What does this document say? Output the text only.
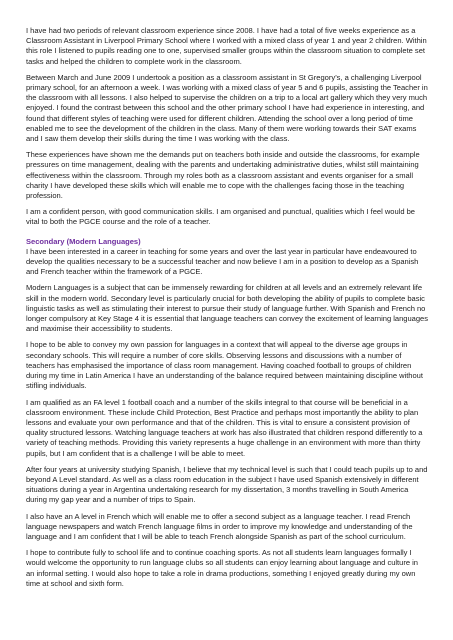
I have had two periods of relevant classroom experience since 2008. I have had a total of five weeks experience as a Classroom Assistant in Liverpool Primary School where I worked with a mixed class of year 1 and year 2 children. Within this role I listened to pupils reading one to one, supervised smaller groups within the classroom situation to complete set tasks and helped the children to complete work in the classroom.

Between March and June 2009 I undertook a position as a classroom assistant in St Gregory’s, a challenging Liverpool primary school, for an afternoon a week. I was working with a mixed class of year 5 and 6 pupils, assisting the Teacher in the classroom with all lessons. I also helped to supervise the children on a trip to a local art gallery which they very much enjoyed. I found the contrast between this school and the other primary school I have had experience in interesting, and found that different styles of teaching were used for different children. Attending the school over a long period of time enabled me to see the development of the children in the class. Many of them were working towards their SAT exams and I saw them develop their skills during the time I was working with the class.

These experiences have shown me the demands put on teachers both inside and outside the classrooms, for example pressures on time management, dealing with the parents and undertaking administrative duties, whilst still maintaining effectiveness within the classroom. Through my roles both as a classroom assistant and events organiser for a small charity I have developed these skills which will enable me to cope with the challenges facing those in the teaching profession.

I am a confident person, with good communication skills. I am organised and punctual, qualities which I feel would be vital to both the PGCE course and the role of a teacher.

Secondary (Modern Languages)

I have been interested in a career in teaching for some years and over the last year in particular have endeavoured to develop the qualities necessary to be a successful teacher and now believe I am in a position to develop as a Spanish and French teacher within the framework of a PGCE.

Modern Languages is a subject that can be immensely rewarding for children at all levels and an extremely relevant life skill in the modern world. Secondary level is particularly crucial for both developing the ability of pupils to complete basic linguistic tasks as well as stimulating their interest to pursue their study of language further. With Spanish and French no longer compulsory at Key Stage 4 it is essential that language teachers can convey the excitement of learning languages and maximise their accessibility to students.

I hope to be able to convey my own passion for languages in a context that will appeal to the diverse age groups in secondary schools. This will require a number of core skills. Observing lessons and discussions with a number of teachers has emphasised the importance of class room management. Having coached football to groups of children during my time in Latin America I have an understanding of the balance required between maintaining discipline without stifling individuals.

I am qualified as an FA level 1 football coach and a number of the skills integral to that course will be beneficial in a classroom environment. These include Child Protection, Best Practice and perhaps most importantly the ability to plan lessons and evaluate your own performance and that of the children. This is vital to ensure a consistent provision of quality structured lessons. Watching language teachers at work has also illustrated that children respond differently to a variety of teaching methods. Providing this variety represents a huge challenge in an environment with more than thirty pupils, but I am confident that is a challenge I will be able to meet.

After four years at university studying Spanish, I believe that my technical level is such that I could teach pupils up to and beyond A Level standard. As well as a class room education in the subject I have used Spanish extensively in different situations during a year in Argentina undertaking research for my dissertation, 3 months travelling in South America during my gap year and a number of trips to Spain.

I also have an A level in French which will enable me to offer a second subject as a language teacher. I read French language newspapers and watch French language films in order to improve my knowledge and understanding of the language and I am confident that I will be able to teach French alongside Spanish as part of the school curriculum.

I hope to contribute fully to school life and to continue coaching sports. As not all students learn languages formally I would welcome the opportunity to run language clubs so all students can enjoy learning about language and culture in an informal setting. I would also hope to take a role in drama productions, something I enjoyed greatly during my own time at school and sixth form.
